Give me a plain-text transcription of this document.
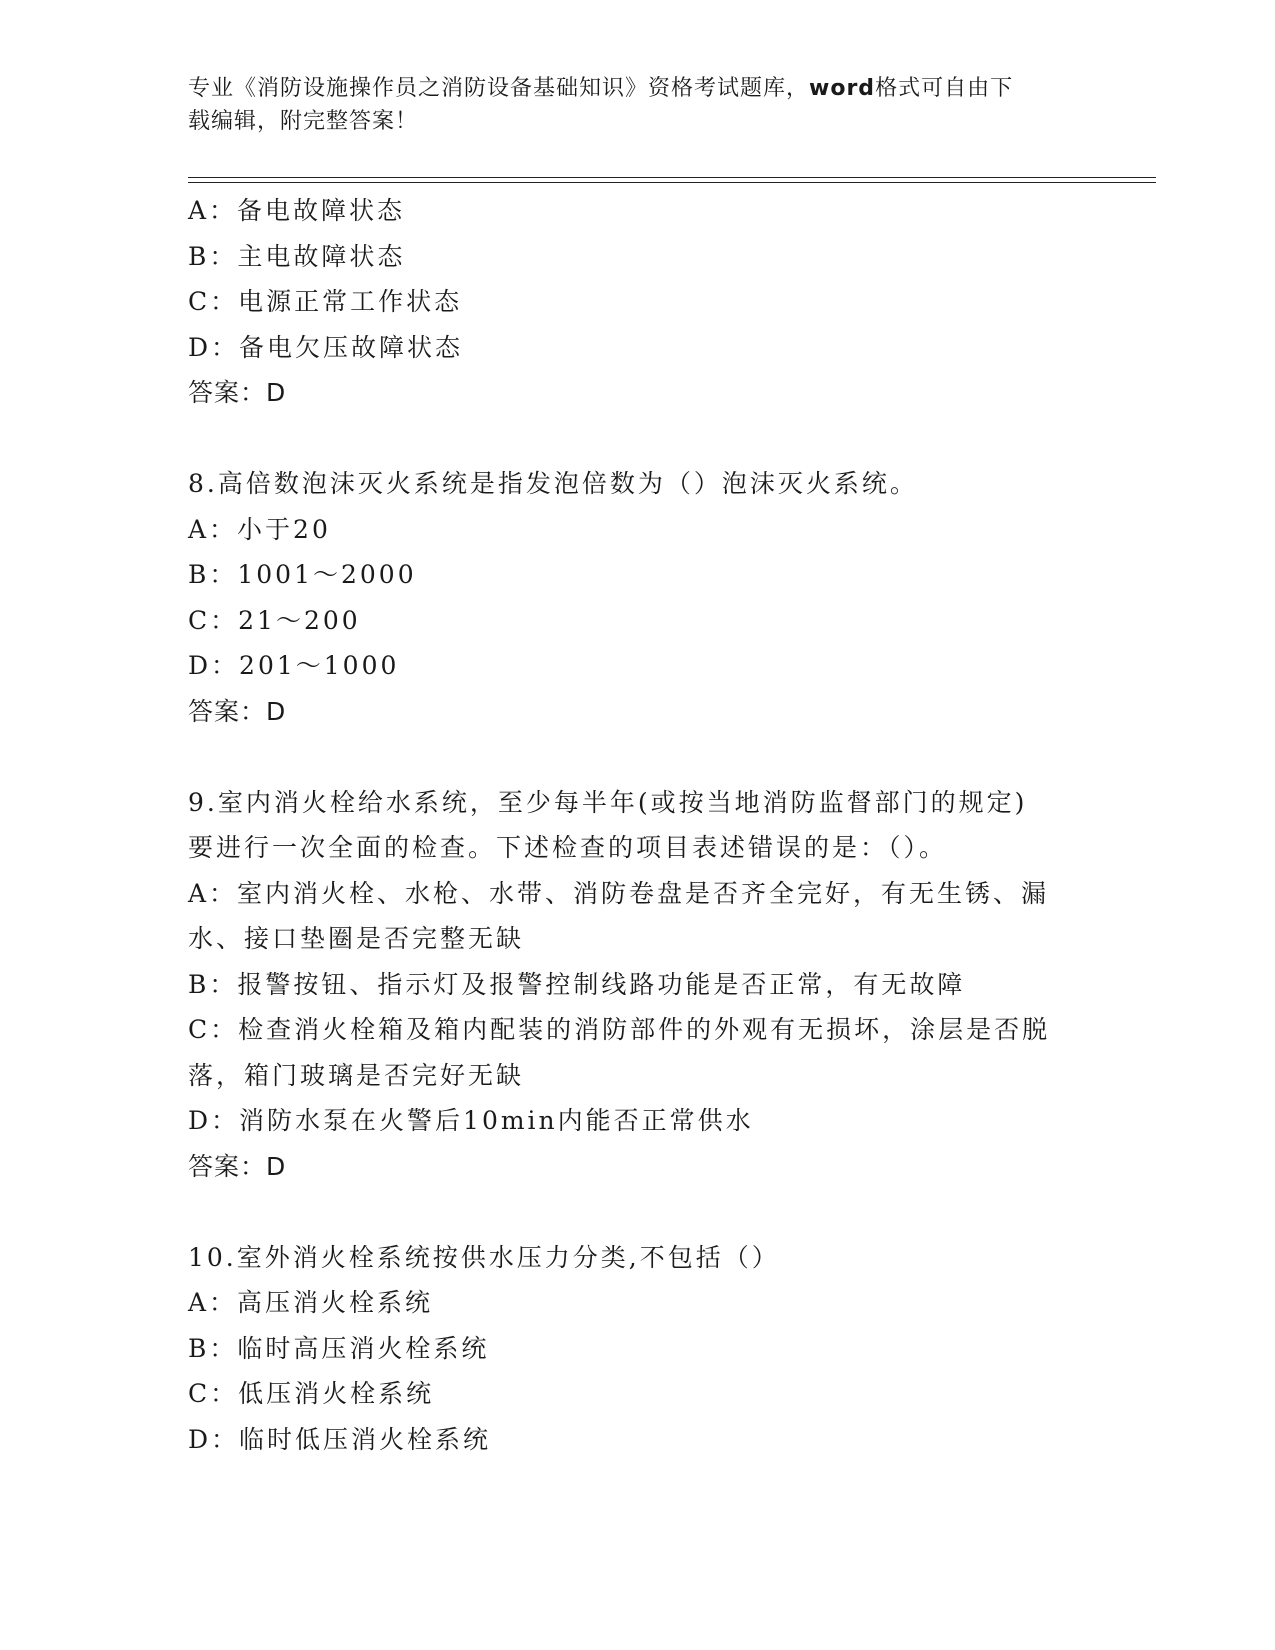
专业《消防设施操作员之消防设备基础知识》资格考试题库，word格式可自由下
载编辑，附完整答案！
A：备电故障状态
B：主电故障状态
C：电源正常工作状态
D：备电欠压故障状态
答案：D
8.高倍数泡沫灭火系统是指发泡倍数为（）泡沫灭火系统。
A：小于20
B：1001～2000
C：21～200
D：201～1000
答案：D
9.室内消火栓给水系统，至少每半年(或按当地消防监督部门的规定)
要进行一次全面的检查。下述检查的项目表述错误的是：（）。
A：室内消火栓、水枪、水带、消防卷盘是否齐全完好，有无生锈、漏
水、接口垫圈是否完整无缺
B：报警按钮、指示灯及报警控制线路功能是否正常，有无故障
C：检查消火栓箱及箱内配装的消防部件的外观有无损坏，涂层是否脱
落，箱门玻璃是否完好无缺
D：消防水泵在火警后10min内能否正常供水
答案：D
10.室外消火栓系统按供水压力分类,不包括（）
A：高压消火栓系统
B：临时高压消火栓系统
C：低压消火栓系统
D：临时低压消火栓系统
